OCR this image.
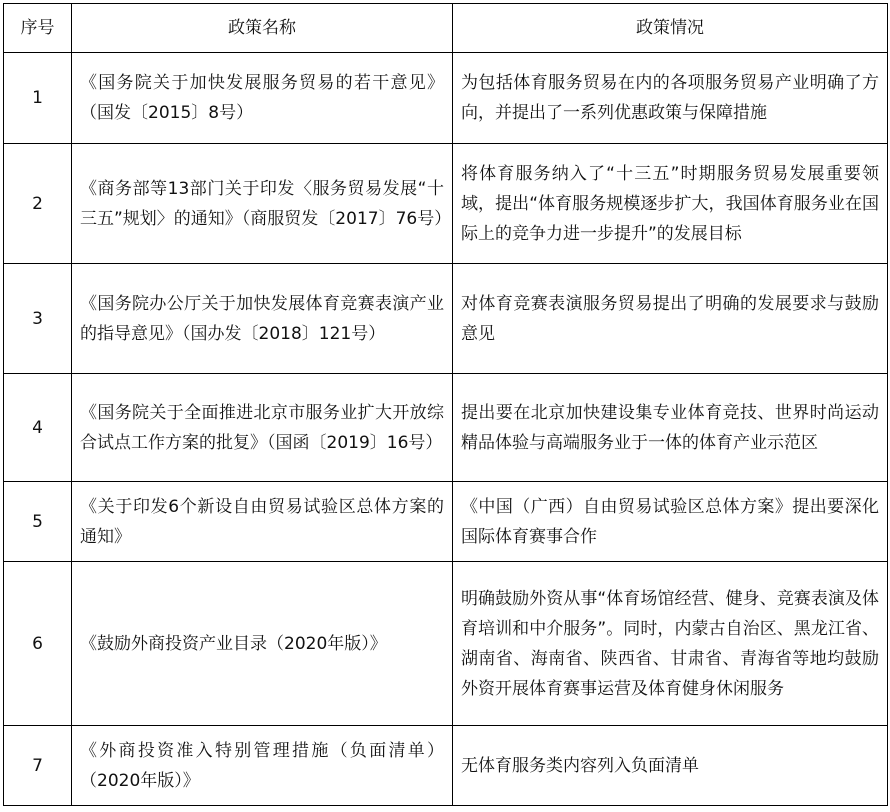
序号	政策名称	政策情况
1	《国务院关于加快发展服务贸易的若干意见》（国发〔2015〕8号）	为包括体育服务贸易在内的各项服务贸易产业明确了方向，并提出了一系列优惠政策与保障措施
2	《商务部等13部门关于印发〈服务贸易发展“十三五”规划〉的通知》（商服贸发〔2017〕76号）	将体育服务纳入了“十三五”时期服务贸易发展重要领域，提出“体育服务规模逐步扩大，我国体育服务业在国际上的竞争力进一步提升”的发展目标
3	《国务院办公厅关于加快发展体育竞赛表演产业的指导意见》（国办发〔2018〕121号）	对体育竞赛表演服务贸易提出了明确的发展要求与鼓励意见
4	《国务院关于全面推进北京市服务业扩大开放综合试点工作方案的批复》（国函〔2019〕16号）	提出要在北京加快建设集专业体育竞技、世界时尚运动精品体验与高端服务业于一体的体育产业示范区
5	《关于印发6个新设自由贸易试验区总体方案的通知》	《中国（广西）自由贸易试验区总体方案》提出要深化国际体育赛事合作
6	《鼓励外商投资产业目录（2020年版）》	明确鼓励外资从事“体育场馆经营、健身、竞赛表演及体育培训和中介服务”。同时，内蒙古自治区、黑龙江省、湖南省、海南省、陕西省、甘肃省、青海省等地均鼓励外资开展体育赛事运营及体育健身休闲服务
7	《外商投资准入特别管理措施（负面清单）（2020年版）》	无体育服务类内容列入负面清单
